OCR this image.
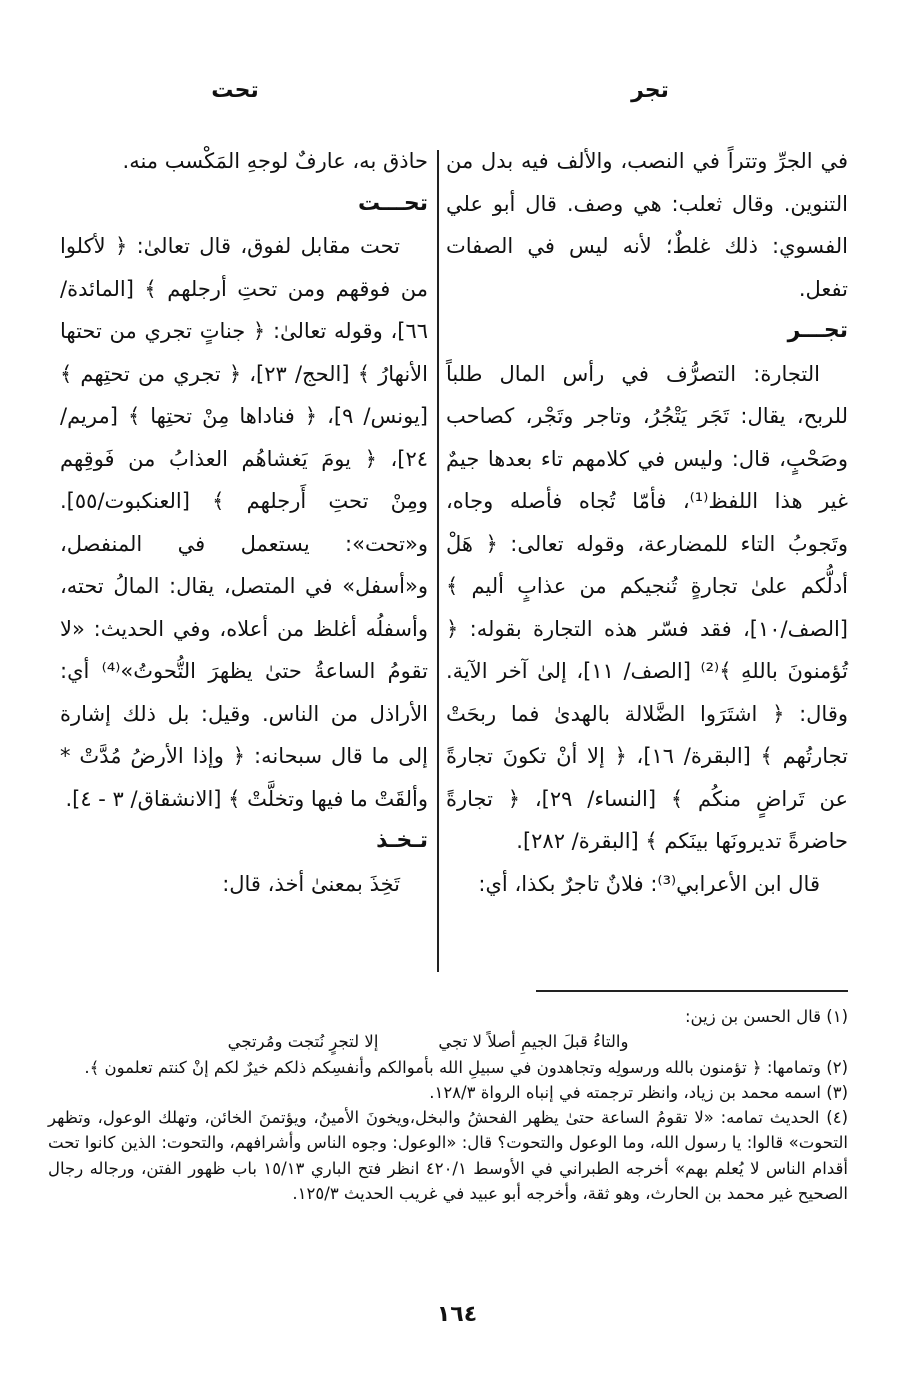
تجر
تحت

في الجرِّ وتتراً في النصب، والألف فيه بدل من التنوين. وقال ثعلب: هي وصف. قال أبو علي الفسوي: ذلك غلطٌ؛ لأنه ليس في الصفات تفعل.

تجـــر

التجارة: التصرُّف في رأس المال طلباً للربح، يقال: تَجَر يَتْجُرُ، وتاجر وتَجْر، كصاحب وصَحْبٍ، قال: وليس في كلامهم تاء بعدها جيمٌ غير هذا اللفظ⁽¹⁾، فأمّا تُجاه فأصله وجاه، وتَجوبُ التاء للمضارعة، وقوله تعالى: ﴿ هَلْ أدلُّكم علىٰ تجارةٍ تُنجيكم من عذابٍ أليم ﴾[الصف/١٠]، فقد فسّر هذه التجارة بقوله: ﴿ تُؤمنونَ باللهِ ﴾⁽²⁾ [الصف/ ١١]، إلىٰ آخر الآية. وقال: ﴿ اشتَرَوا الضَّلالة بالهدىٰ فما ربحَتْ تجارتُهم ﴾ [البقرة/ ١٦]، ﴿ إلا أنْ تكونَ تجارةً عن تَراضٍ منكُم ﴾ [النساء/ ٢٩]، ﴿ تجارةً حاضرةً تديرونَها بينَكم ﴾ [البقرة/ ٢٨٢].

قال ابن الأعرابي⁽³⁾: فلانٌ تاجرٌ بكذا، أي:

حاذق به، عارفٌ لوجهِ المَكْسب منه.

تحـــت

تحت مقابل لفوق، قال تعالىٰ: ﴿ لأكلوا من فوقهم ومن تحتِ أرجلهم ﴾ [المائدة/ ٦٦]، وقوله تعالىٰ: ﴿ جناتٍ تجري من تحتها الأنهارُ ﴾ [الحج/ ٢٣]، ﴿ تجري من تحتِهم ﴾ [يونس/ ٩]، ﴿ فناداها مِنْ تحتِها ﴾ [مريم/ ٢٤]، ﴿ يومَ يَغشاهُم العذابُ من فَوقِهم ومِنْ تحتِ أَرجلهم ﴾ [العنكبوت/٥٥]. و«تحت»: يستعمل في المنفصل، و«أسفل» في المتصل، يقال: المالُ تحته، وأسفلُه أغلظ من أعلاه، وفي الحديث: «لا تقومُ الساعةُ حتىٰ يظهرَ التُّحوتُ»⁽⁴⁾ أي: الأراذل من الناس. وقيل: بل ذلك إشارة إلى ما قال سبحانه: ﴿ وإذا الأرضُ مُدَّتْ * وألقَتْ ما فيها وتخلَّتْ ﴾ [الانشقاق/ ٣ - ٤].

تـخـذ

تَخِذَ بمعنىٰ أخذ، قال:

(١) قال الحسن بن زين:

والتاءُ قبلَ الجيمِ أصلاً لا تجي
إلا لتجرٍ نُتجت ومُرتجي

(٢) وتمامها: ﴿ تؤمنون بالله ورسولِه وتجاهدون في سبيلِ الله بأموالكم وأنفسِكم ذلكم خيرٌ لكم إنْ كنتم تعلمون ﴾.

(٣) اسمه محمد بن زياد، وانظر ترجمته في إنباه الرواة ١٢٨/٣.

(٤) الحديث تمامه: «لا تقومُ الساعة حتىٰ يظهر الفحشُ والبخل،ويخونَ الأمينُ، ويؤتمنَ الخائن، وتهلك الوعول، وتظهر التحوت» قالوا: يا رسول الله، وما الوعول والتحوت؟ قال: «الوعول: وجوه الناس وأشرافهم، والتحوت: الذين كانوا تحت أقدام الناس لا يُعلم بهم» أخرجه الطبراني في الأوسط ٤٢٠/١ انظر فتح الباري ١٥/١٣ باب ظهور الفتن، ورجاله رجال الصحيح غير محمد بن الحارث، وهو ثقة، وأخرجه أبو عبيد في غريب الحديث ١٢٥/٣.

١٦٤
